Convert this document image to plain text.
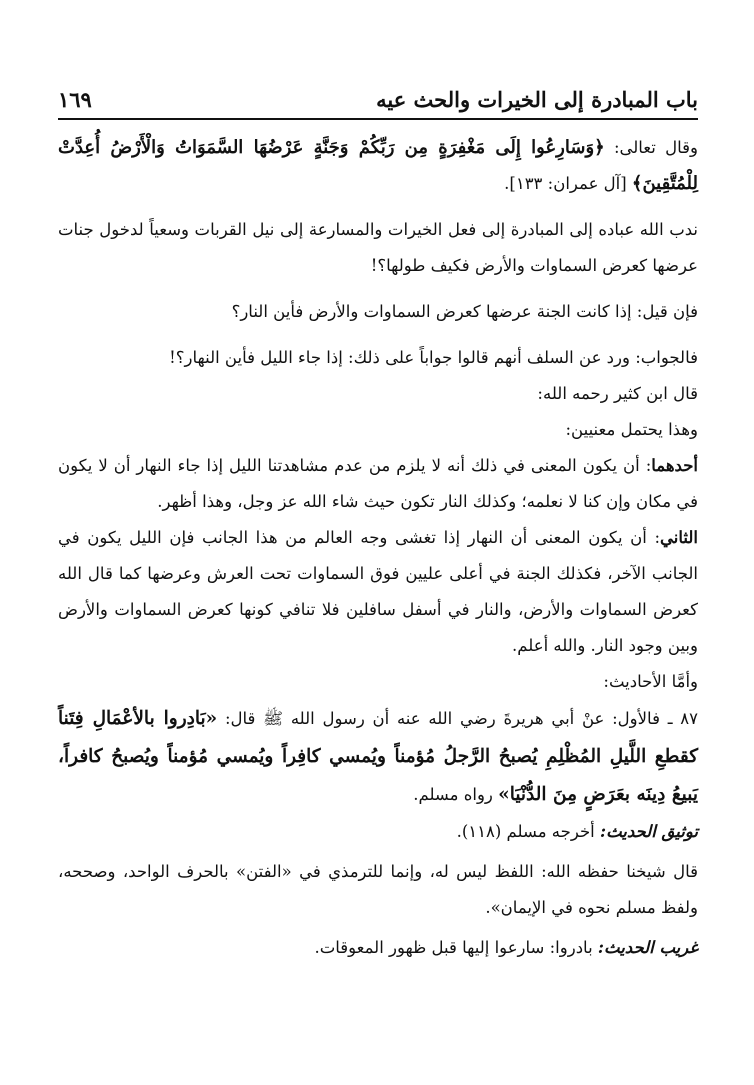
باب المبادرة إلى الخيرات والحث عيه
١٦٩

وقال تعالى: ﴿وَسَارِعُوا إِلَى مَغْفِرَةٍ مِن رَبِّكُمْ وَجَنَّةٍ عَرْضُهَا السَّمَوَاتُ وَالْأَرْضُ أُعِدَّتْ لِلْمُتَّقِينَ﴾ [آل عمران: ١٣٣].

ندب الله عباده إلى المبادرة إلى فعل الخيرات والمسارعة إلى نيل القربات وسعياً لدخول جنات عرضها كعرض السماوات والأرض فكيف طولها؟!

فإن قيل: إذا كانت الجنة عرضها كعرض السماوات والأرض فأين النار؟

فالجواب: ورد عن السلف أنهم قالوا جواباً على ذلك: إذا جاء الليل فأين النهار؟!

قال ابن كثير رحمه الله:

وهذا يحتمل معنيين:

أحدهما: أن يكون المعنى في ذلك أنه لا يلزم من عدم مشاهدتنا الليل إذا جاء النهار أن لا يكون في مكان وإن كنا لا نعلمه؛ وكذلك النار تكون حيث شاء الله عز وجل، وهذا أظهر.

الثاني: أن يكون المعنى أن النهار إذا تغشى وجه العالم من هذا الجانب فإن الليل يكون في الجانب الآخر، فكذلك الجنة في أعلى عليين فوق السماوات تحت العرش وعرضها كما قال الله كعرض السماوات والأرض، والنار في أسفل سافلين فلا تنافي كونها كعرض السماوات والأرض وبين وجود النار. والله أعلم.

وأمَّا الأحاديث:

٨٧ ـ فالأول: عنْ أبي هريرةَ رضي الله عنه أن رسول الله ﷺ قال: «بَادِروا بالأعْمَالِ فِتَناً كقطعِ اللَّيلِ المُظْلِمِ يُصبحُ الرَّجلُ مُؤمناً ويُمسي كافِراً ويُمسي مُؤمناً ويُصبحُ كافراً، يَبيعُ دِينَه بعَرَضٍ مِنَ الدُّنْيَا» رواه مسلم.

توثيق الحديث: أخرجه مسلم (١١٨).

قال شيخنا حفظه الله: اللفظ ليس له، وإنما للترمذي في «الفتن» بالحرف الواحد، وصححه، ولفظ مسلم نحوه في الإيمان».

غريب الحديث: بادروا: سارعوا إليها قبل ظهور المعوقات.
